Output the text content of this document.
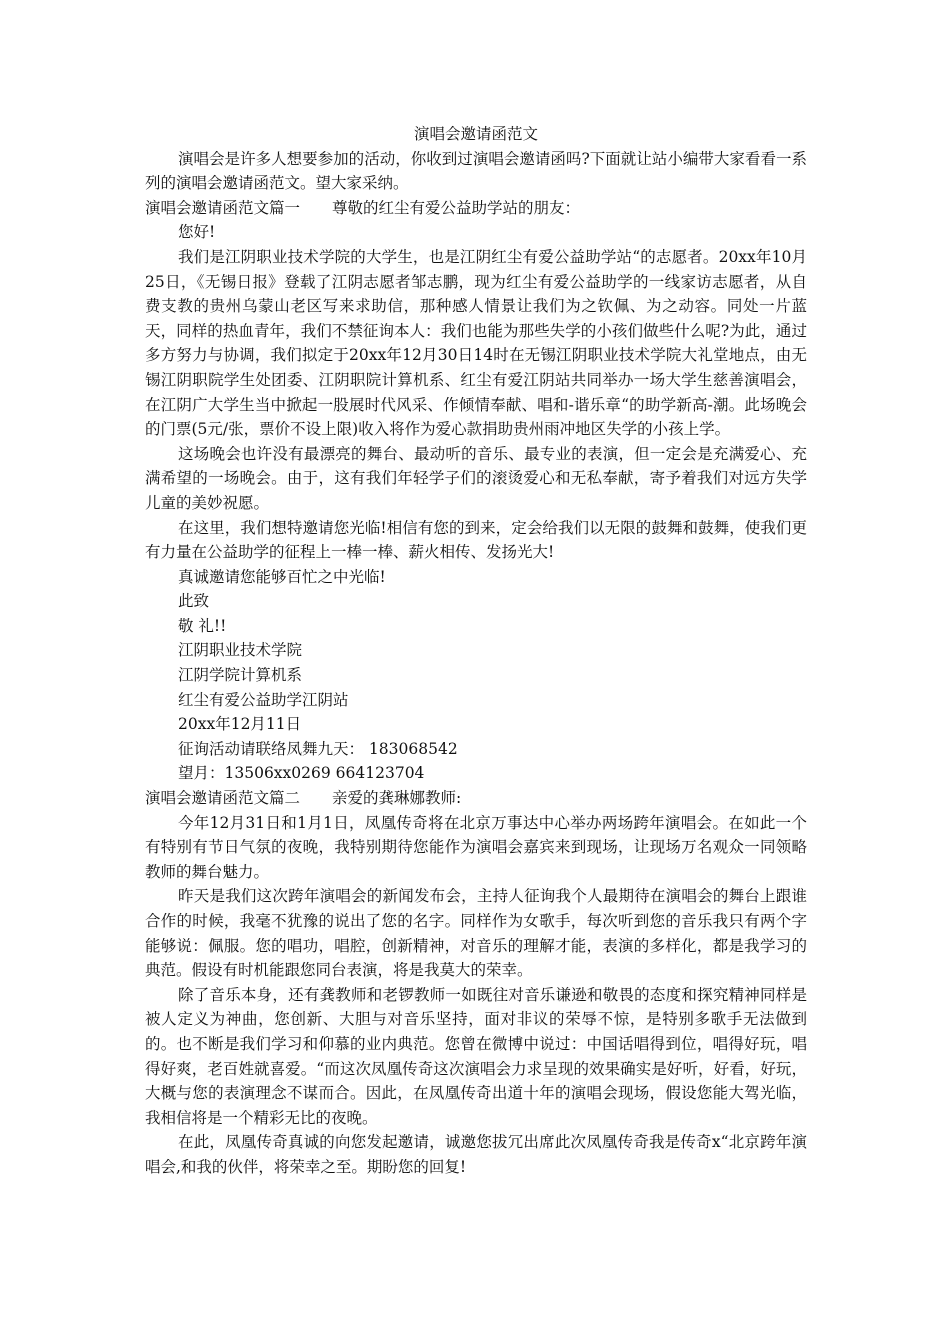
演唱会邀请函范文

演唱会是许多人想要参加的活动，你收到过演唱会邀请函吗?下面就让站小编带大家看看一系列的演唱会邀请函范文。望大家采纳。

演唱会邀请函范文篇一 尊敬的红尘有爱公益助学站的朋友：

您好!

我们是江阴职业技术学院的大学生，也是江阴红尘有爱公益助学站“的志愿者。20xx年10月25日，《无锡日报》登载了江阴志愿者邹志鹏，现为红尘有爱公益助学的一线家访志愿者，从自费支教的贵州乌蒙山老区写来求助信，那种感人情景让我们为之钦佩、为之动容。同处一片蓝天，同样的热血青年，我们不禁征询本人：我们也能为那些失学的小孩们做些什么呢?为此，通过多方努力与协调，我们拟定于20xx年12月30日14时在无锡江阴职业技术学院大礼堂地点，由无锡江阴职院学生处团委、江阴职院计算机系、红尘有爱江阴站共同举办一场大学生慈善演唱会，在江阴广大学生当中掀起一股展时代风采、作倾情奉献、唱和-谐乐章“的助学新高-潮。此场晚会的门票(5元/张，票价不设上限)收入将作为爱心款捐助贵州雨冲地区失学的小孩上学。

这场晚会也许没有最漂亮的舞台、最动听的音乐、最专业的表演，但一定会是充满爱心、充满希望的一场晚会。由于，这有我们年轻学子们的滚烫爱心和无私奉献，寄予着我们对远方失学儿童的美妙祝愿。

在这里，我们想特邀请您光临!相信有您的到来，定会给我们以无限的鼓舞和鼓舞，使我们更有力量在公益助学的征程上一棒一棒、薪火相传、发扬光大!

真诚邀请您能够百忙之中光临!

此致

敬 礼!!

江阴职业技术学院

江阴学院计算机系

红尘有爱公益助学江阴站

20xx年12月11日

征询活动请联络凤舞九天： 183068542

望月：13506xx0269 664123704

演唱会邀请函范文篇二 亲爱的龚琳娜教师:

今年12月31日和1月1日，凤凰传奇将在北京万事达中心举办两场跨年演唱会。在如此一个有特别有节日气氛的夜晚，我特别期待您能作为演唱会嘉宾来到现场，让现场万名观众一同领略教师的舞台魅力。

昨天是我们这次跨年演唱会的新闻发布会，主持人征询我个人最期待在演唱会的舞台上跟谁合作的时候，我毫不犹豫的说出了您的名字。同样作为女歌手，每次听到您的音乐我只有两个字能够说：佩服。您的唱功，唱腔，创新精神，对音乐的理解才能，表演的多样化，都是我学习的典范。假设有时机能跟您同台表演，将是我莫大的荣幸。

除了音乐本身，还有龚教师和老锣教师一如既往对音乐谦逊和敬畏的态度和探究精神同样是被人定义为神曲，您创新、大胆与对音乐坚持，面对非议的荣辱不惊，是特别多歌手无法做到的。也不断是我们学习和仰慕的业内典范。您曾在微博中说过：中国话唱得到位，唱得好玩，唱得好爽，老百姓就喜爱。“而这次凤凰传奇这次演唱会力求呈现的效果确实是好听，好看，好玩，大概与您的表演理念不谋而合。因此，在凤凰传奇出道十年的演唱会现场，假设您能大驾光临，我相信将是一个精彩无比的夜晚。

在此，凤凰传奇真诚的向您发起邀请，诚邀您拔冗出席此次凤凰传奇我是传奇x“北京跨年演唱会,和我的伙伴，将荣幸之至。期盼您的回复!
